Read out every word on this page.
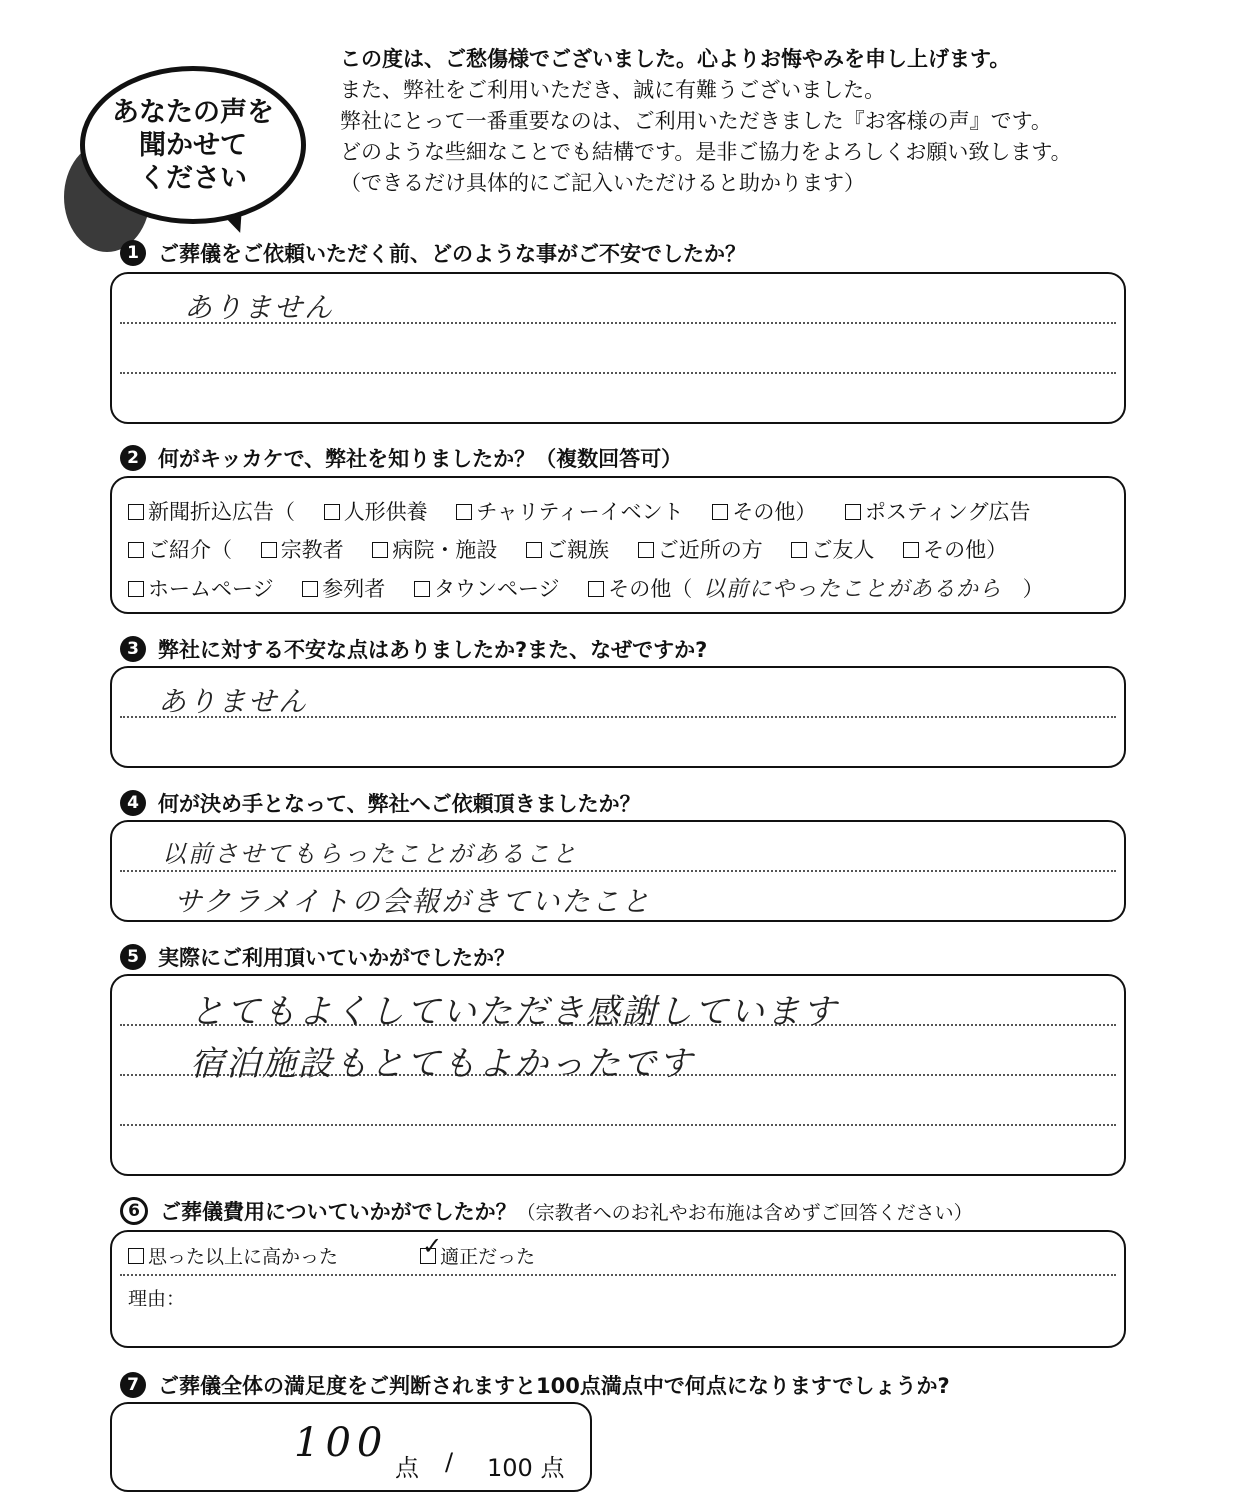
あなたの声を
聞かせて
ください
この度は、ご愁傷様でございました。心よりお悔やみを申し上げます。
また、弊社をご利用いただき、誠に有難うございました。
弊社にとって一番重要なのは、ご利用いただきました『お客様の声』です。
どのような些細なことでも結構です。是非ご協力をよろしくお願い致します。
（できるだけ具体的にご記入いただけると助かります）
1 ご葬儀をご依頼いただく前、どのような事がご不安でしたか？
ありません
2 何がキッカケで、弊社を知りましたか？（複数回答可）
新聞折込広告（ 人形供養 チャリティーイベント その他） ポスティング広告
ご紹介（ 宗教者 病院・施設 ご親族 ご近所の方 ご友人 その他）
ホームページ 参列者 タウンページ その他（ 以前にやったことがあるから ）
3 弊社に対する不安な点はありましたか?また、なぜですか?
ありません
4 何が決め手となって、弊社へご依頼頂きましたか？
以前させてもらったことがあること
サクラメイトの会報がきていたこと
5 実際にご利用頂いていかがでしたか？
とてもよくしていただき感謝しています
宿泊施設もとてもよかったです
6 ご葬儀費用についていかがでしたか？（宗教者へのお礼やお布施は含めずご回答ください）
思った以上に高かった	✓
適正だった
理由：
7 ご葬儀全体の満足度をご判断されますと100点満点中で何点になりますでしょうか?
100
点 / 100 点
